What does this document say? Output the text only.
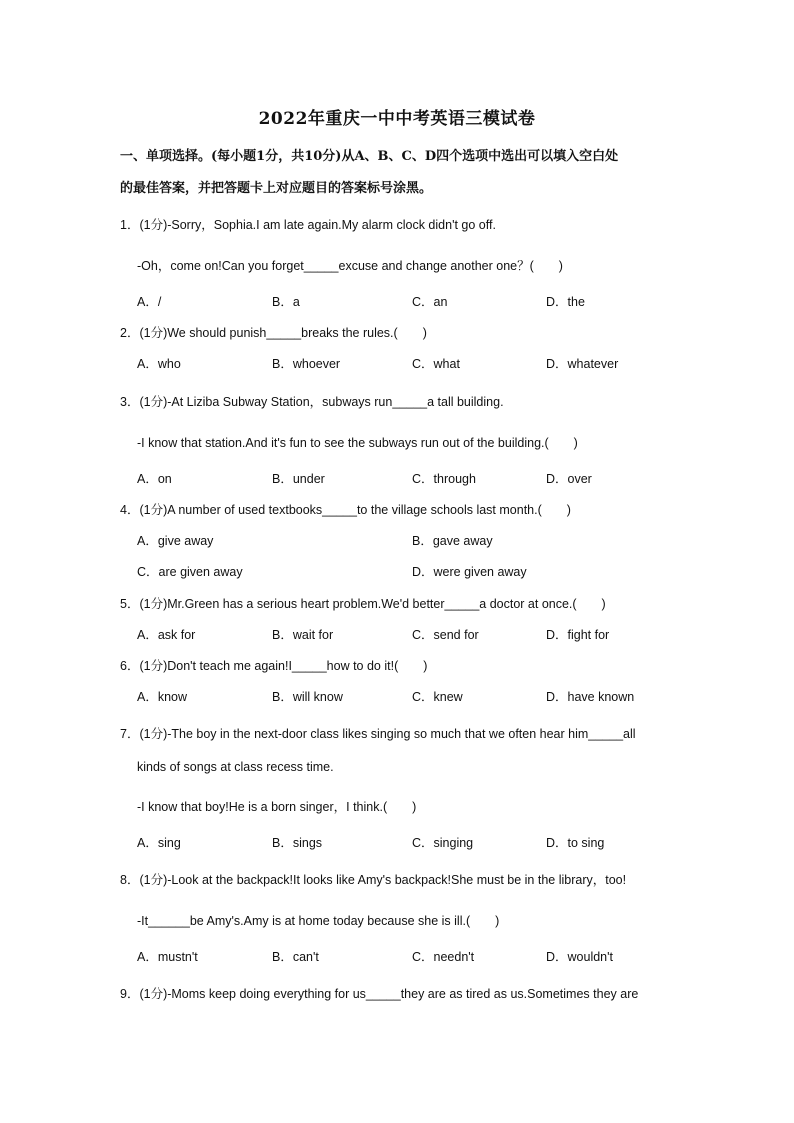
2022年重庆一中中考英语三模试卷
一、单项选择。(每小题1分，共10分)从A、B、C、D四个选项中选出可以填入空白处
的最佳答案，并把答题卡上对应题目的答案标号涂黑。
1．(1分)-Sorry，Sophia.I am late again.My alarm clock didn't go off.
-Oh，come on!Can you forget_____excuse and change another one？(　　)
A．/	B．a	C．an	D．the
2．(1分)We should punish_____breaks the rules.(　　)
A．who	B．whoever	C．what	D．whatever
3．(1分)-At Liziba Subway Station，subways run_____a tall building.
-I know that station.And it's fun to see the subways run out of the building.(　　)
A．on	B．under	C．through	D．over
4．(1分)A number of used textbooks_____to the village schools last month.(　　)
A．give away	B．gave away
C．are given away	D．were given away
5．(1分)Mr.Green has a serious heart problem.We'd better_____a doctor at once.(　　)
A．ask for	B．wait for	C．send for	D．fight for
6．(1分)Don't teach me again!I_____how to do it!(　　)
A．know	B．will know	C．knew	D．have known
7．(1分)-The boy in the next-door class likes singing so much that we often hear him_____all
kinds of songs at class recess time.
-I know that boy!He is a born singer，I think.(　　)
A．sing	B．sings	C．singing	D．to sing
8．(1分)-Look at the backpack!It looks like Amy's backpack!She must be in the library，too!
-It______be Amy's.Amy is at home today because she is ill.(　　)
A．mustn't	B．can't	C．needn't	D．wouldn't
9．(1分)-Moms keep doing everything for us_____they are as tired as us.Sometimes they are
